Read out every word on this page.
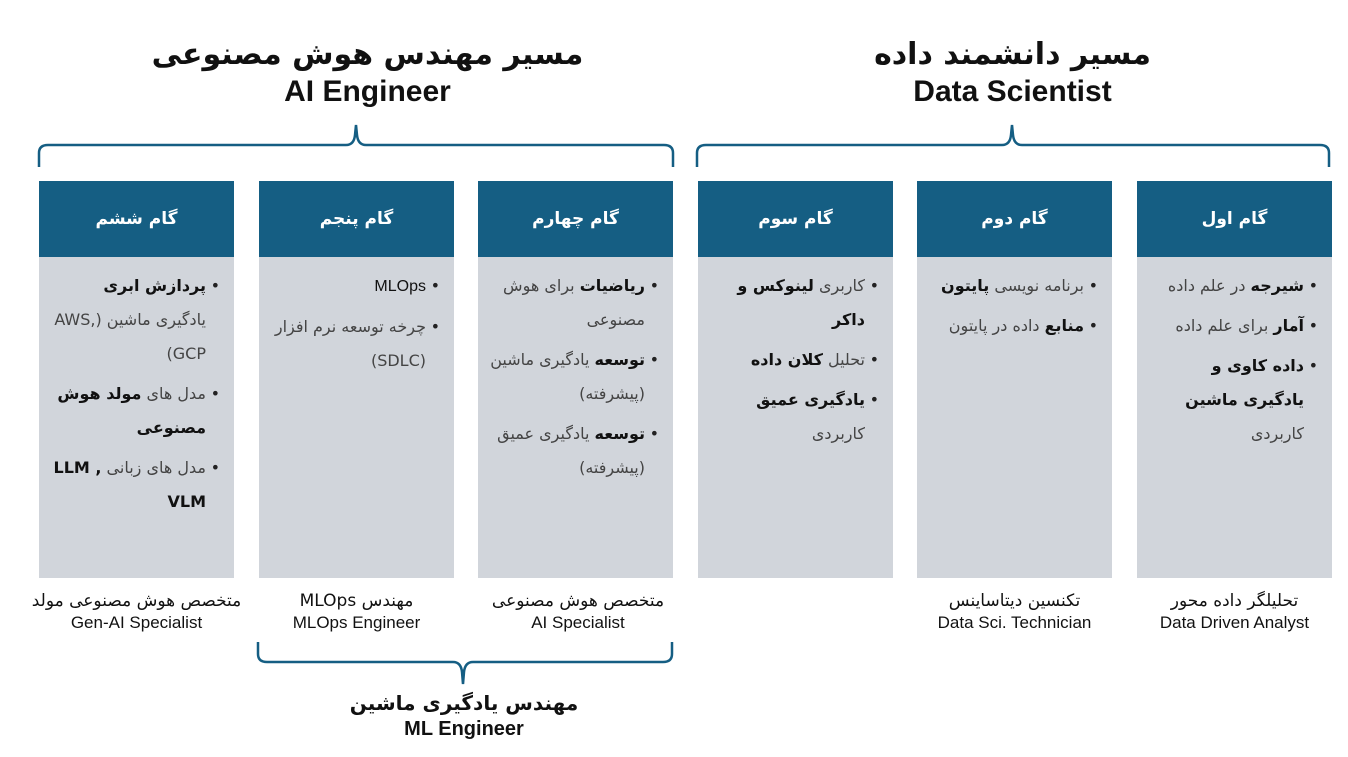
مسیر مهندس هوش مصنوعی
AI Engineer
مسیر دانشمند داده
Data Scientist
گام اول
• شیرجه در علم داده
• آمار برای علم داده
• داده کاوی و یادگیری ماشین کاربردی
گام دوم
• برنامه نویسی پایتون
• منابع داده در پایتون
گام سوم
• کاربری لینوکس و داکر
• تحلیل کلان داده
• یادگیری عمیق کاربردی
گام چهارم
• ریاضیات برای هوش مصنوعی
• توسعه یادگیری ماشین (پیشرفته)
• توسعه یادگیری عمیق (پیشرفته)
گام پنجم
• MLOps
• چرخه توسعه نرم افزار (SDLC)
گام ششم
• پردازش ابری یادگیری ماشین (AWS, GCP)
• مدل های مولد هوش مصنوعی
• مدل های زبانی LLM , VLM
تحلیلگر داده محور
Data Driven Analyst
تکنسین دیتاساینس
Data Sci. Technician
متخصص هوش مصنوعی
AI Specialist
مهندس MLOps
MLOps Engineer
متخصص هوش مصنوعی مولد
Gen-AI Specialist
مهندس یادگیری ماشین
ML Engineer
